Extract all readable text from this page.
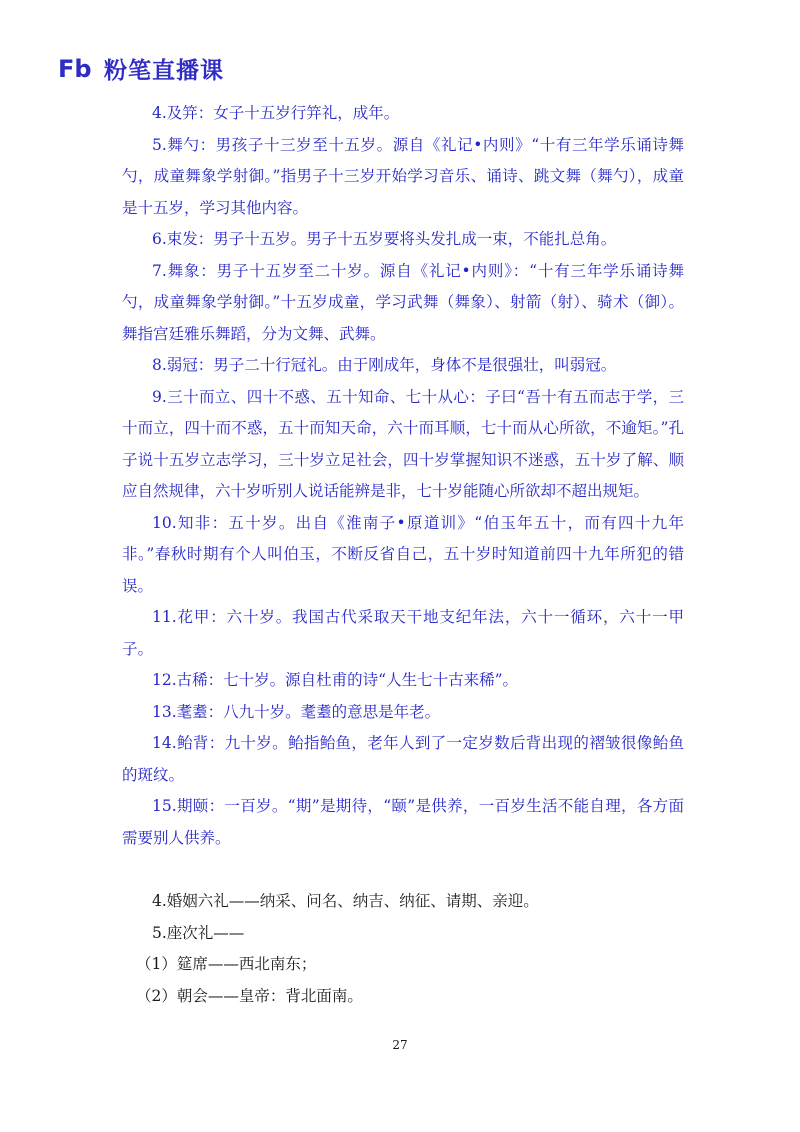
Fb 粉笔直播课

4.及笄：女子十五岁行笄礼，成年。

5.舞勺：男孩子十三岁至十五岁。源自《礼记•内则》“十有三年学乐诵诗舞勺，成童舞象学射御。”指男子十三岁开始学习音乐、诵诗、跳文舞（舞勺），成童是十五岁，学习其他内容。

6.束发：男子十五岁。男子十五岁要将头发扎成一束，不能扎总角。

7.舞象：男子十五岁至二十岁。源自《礼记•内则》：“十有三年学乐诵诗舞勺，成童舞象学射御。”十五岁成童，学习武舞（舞象）、射箭（射）、骑术（御）。舞指宫廷雅乐舞蹈，分为文舞、武舞。

8.弱冠：男子二十行冠礼。由于刚成年，身体不是很强壮，叫弱冠。

9.三十而立、四十不惑、五十知命、七十从心：子曰“吾十有五而志于学，三十而立，四十而不惑，五十而知天命，六十而耳顺，七十而从心所欲，不逾矩。”孔子说十五岁立志学习，三十岁立足社会，四十岁掌握知识不迷惑，五十岁了解、顺应自然规律，六十岁听别人说话能辨是非，七十岁能随心所欲却不超出规矩。

10.知非：五十岁。出自《淮南子•原道训》“伯玉年五十，而有四十九年非。”春秋时期有个人叫伯玉，不断反省自己，五十岁时知道前四十九年所犯的错误。

11.花甲：六十岁。我国古代采取天干地支纪年法，六十一循环，六十一甲子。

12.古稀：七十岁。源自杜甫的诗“人生七十古来稀”。

13.耄耋：八九十岁。耄耋的意思是年老。

14.鲐背：九十岁。鲐指鲐鱼，老年人到了一定岁数后背出现的褶皱很像鲐鱼的斑纹。

15.期颐：一百岁。“期”是期待，“颐”是供养，一百岁生活不能自理，各方面需要别人供养。

4.婚姻六礼——纳采、问名、纳吉、纳征、请期、亲迎。

5.座次礼——

（1）筵席——西北南东；

（2）朝会——皇帝：背北面南。

27
